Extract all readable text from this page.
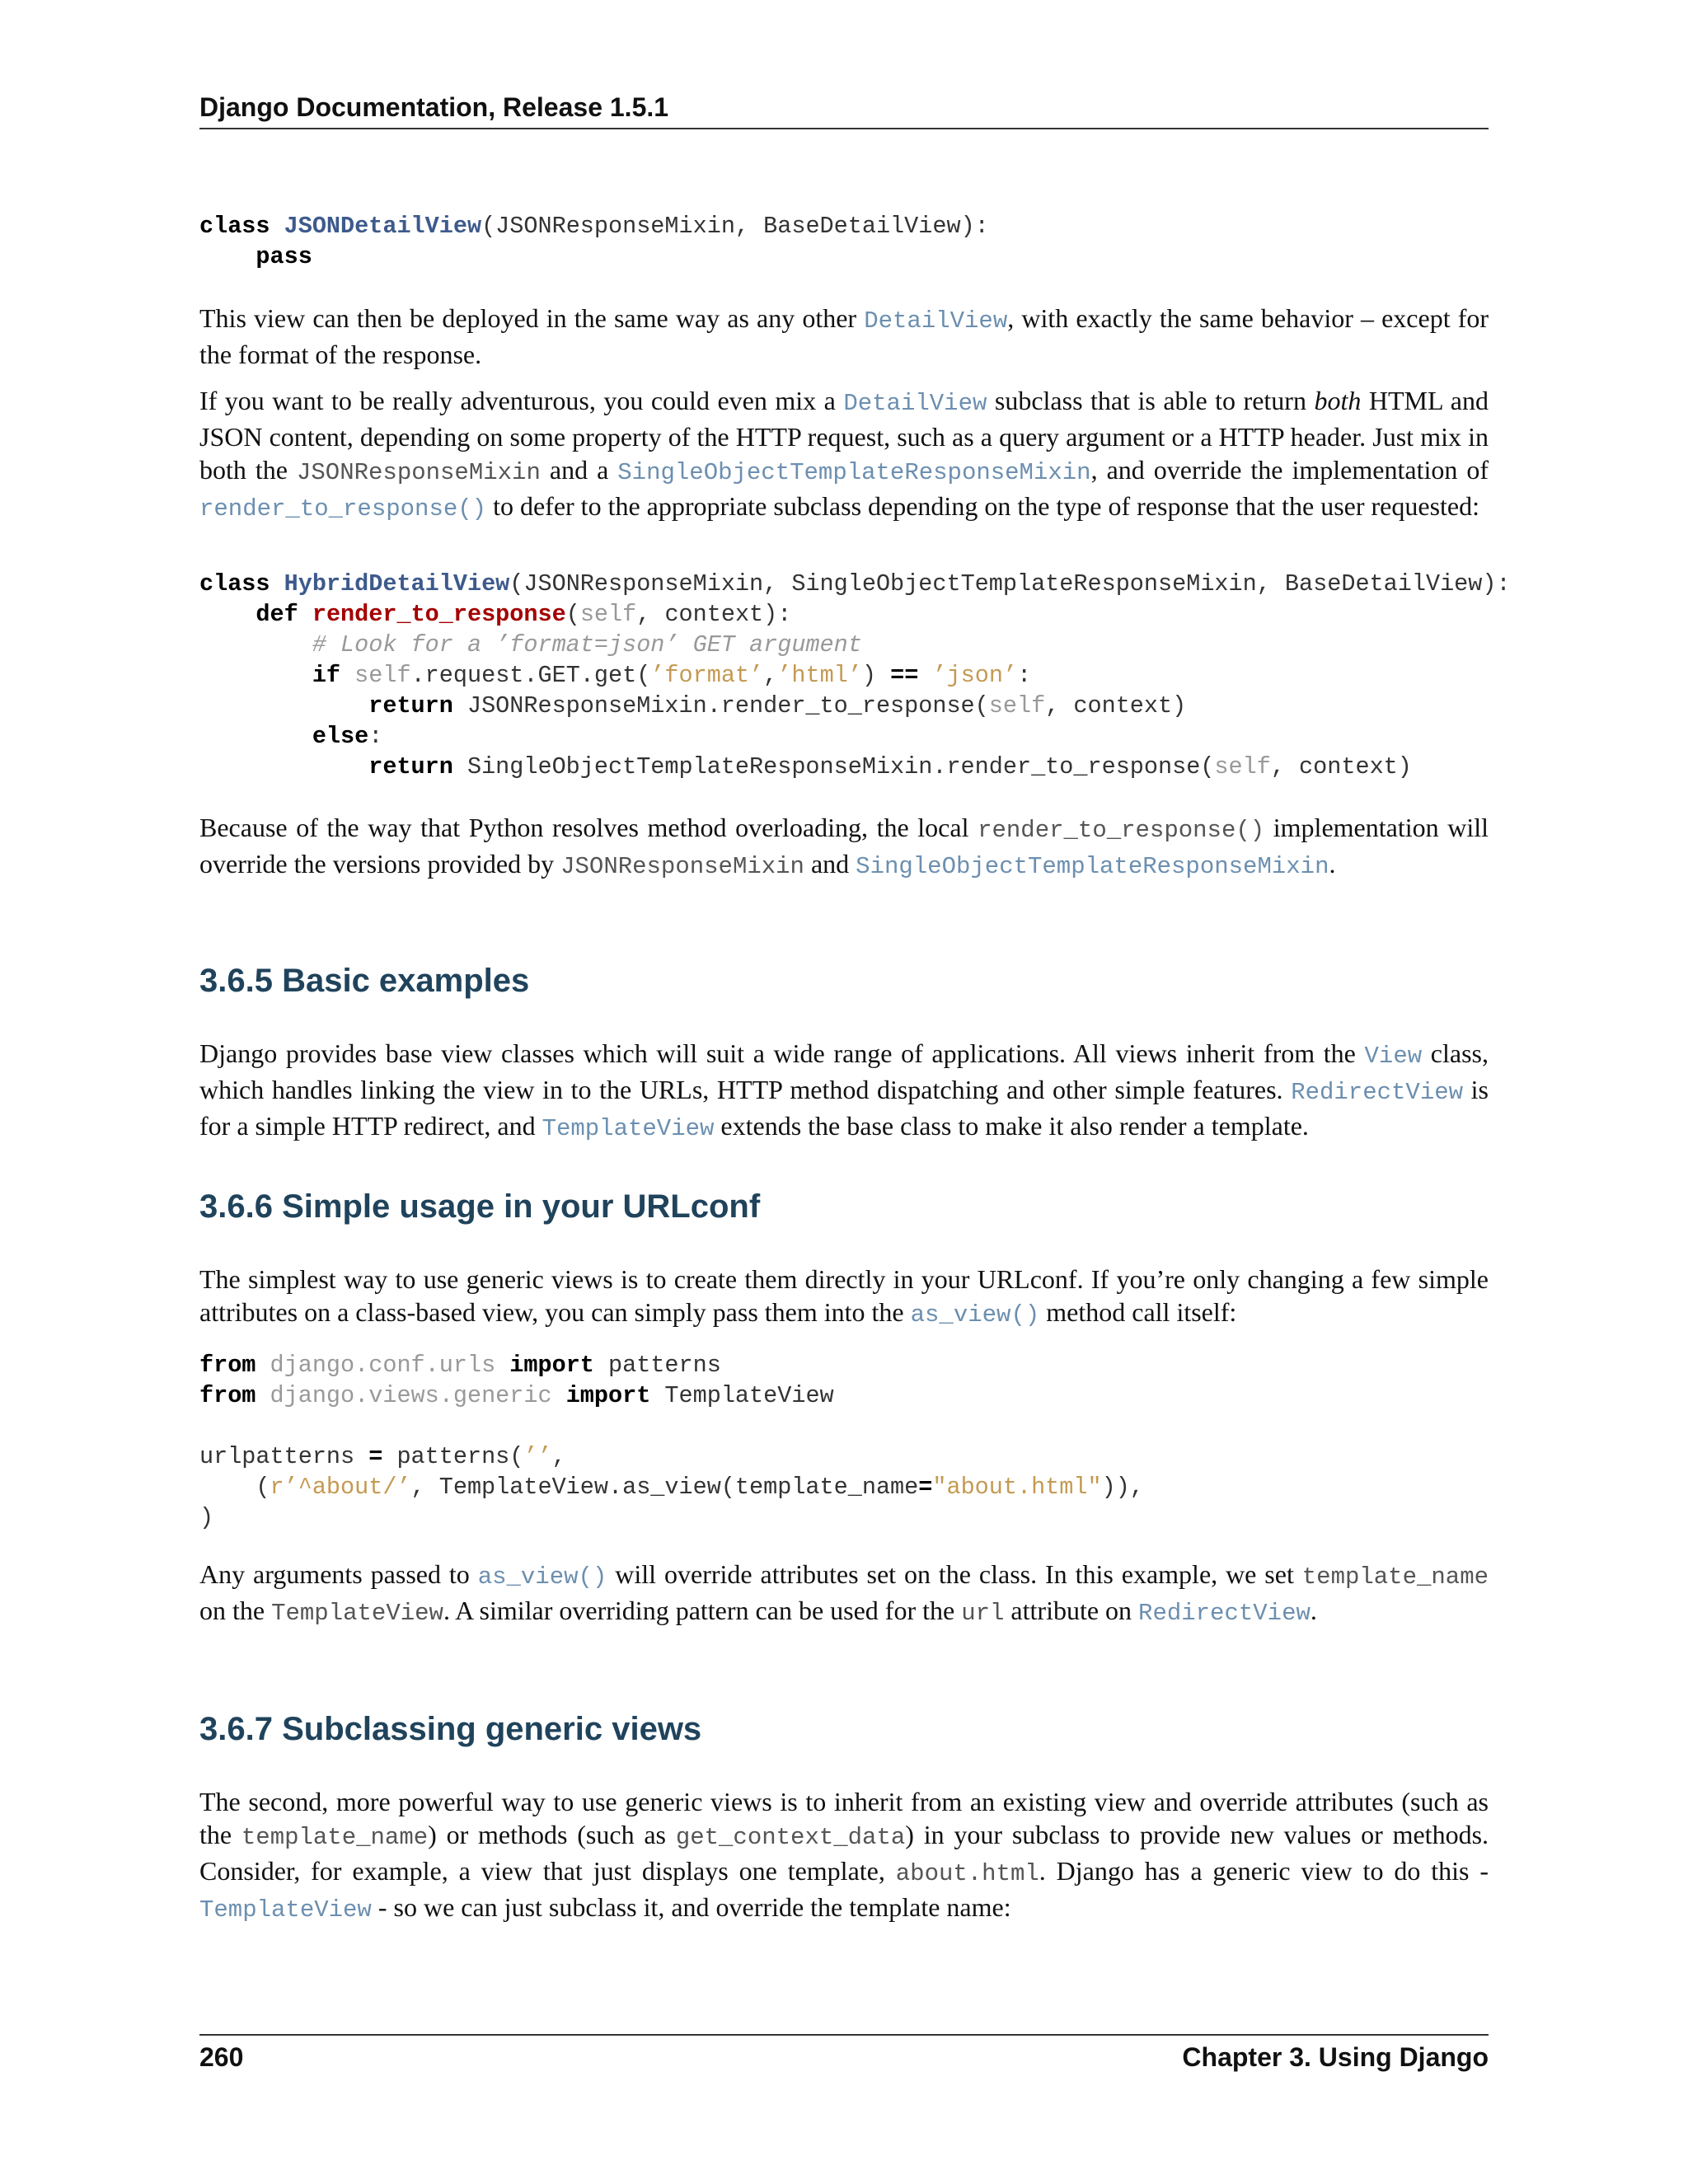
Django Documentation, Release 1.5.1
class JSONDetailView(JSONResponseMixin, BaseDetailView):
pass

This view can then be deployed in the same way as any other DetailView, with exactly the same behavior – except for the format of the response.

If you want to be really adventurous, you could even mix a DetailView subclass that is able to return both HTML and JSON content, depending on some property of the HTTP request, such as a query argument or a HTTP header. Just mix in both the JSONResponseMixin and a SingleObjectTemplateResponseMixin, and override the implementation of render_to_response() to defer to the appropriate subclass depending on the type of response that the user requested:

class HybridDetailView(JSONResponseMixin, SingleObjectTemplateResponseMixin, BaseDetailView):
def render_to_response(self, context):
# Look for a ’format=json’ GET argument
if self.request.GET.get(’format’,’html’) == ’json’:
return JSONResponseMixin.render_to_response(self, context)
else:
return SingleObjectTemplateResponseMixin.render_to_response(self, context)

Because of the way that Python resolves method overloading, the local render_to_response() implementation will override the versions provided by JSONResponseMixin and SingleObjectTemplateResponseMixin.

3.6.5 Basic examples

Django provides base view classes which will suit a wide range of applications. All views inherit from the View class, which handles linking the view in to the URLs, HTTP method dispatching and other simple features. RedirectView is for a simple HTTP redirect, and TemplateView extends the base class to make it also render a template.

3.6.6 Simple usage in your URLconf

The simplest way to use generic views is to create them directly in your URLconf. If you’re only changing a few simple attributes on a class-based view, you can simply pass them into the as_view() method call itself:

from django.conf.urls import patterns
from django.views.generic import TemplateView

urlpatterns = patterns(’’,
(r’^about/’, TemplateView.as_view(template_name="about.html")),
)

Any arguments passed to as_view() will override attributes set on the class. In this example, we set template_name on the TemplateView. A similar overriding pattern can be used for the url attribute on RedirectView.

3.6.7 Subclassing generic views

The second, more powerful way to use generic views is to inherit from an existing view and override attributes (such as the template_name) or methods (such as get_context_data) in your subclass to provide new values or methods. Consider, for example, a view that just displays one template, about.html. Django has a generic view to do this - TemplateView - so we can just subclass it, and override the template name:

260	Chapter 3. Using Django
